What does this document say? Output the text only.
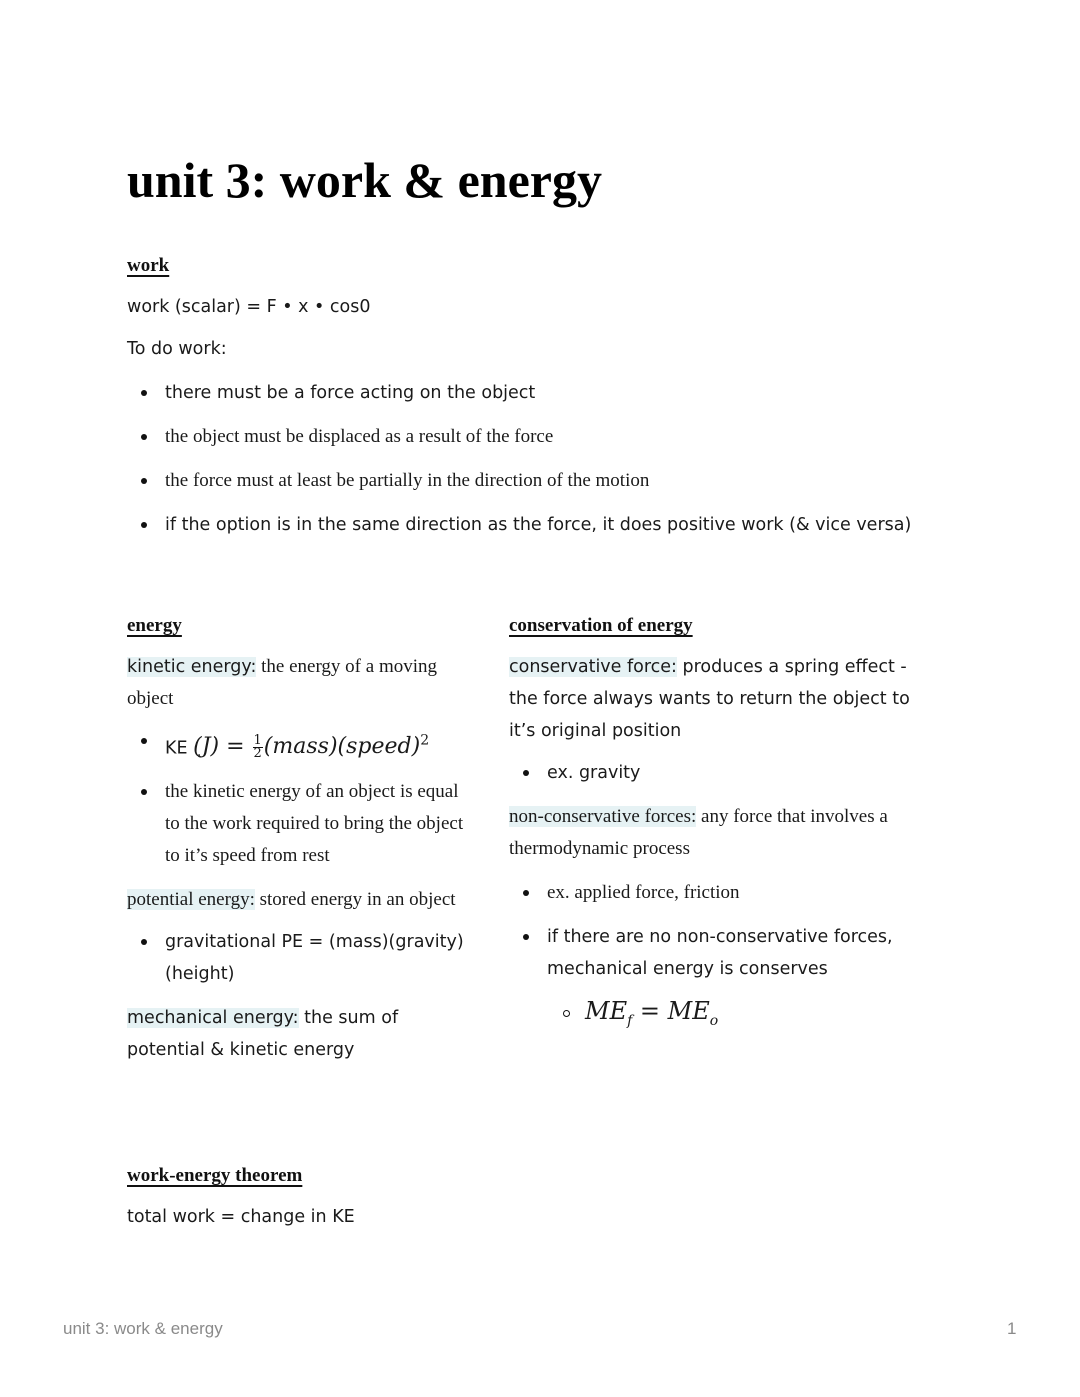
unit 3: work & energy
work

work (scalar) = F • x • cos0

To do work:

there must be a force acting on the object
the object must be displaced as a result of the force
the force must at least be partially in the direction of the motion
if the option is in the same direction as the force, it does positive work (& vice versa)
energy

kinetic energy: the energy of a moving object

KE $(J) = \frac{1}{2}$ (mass)(speed)$^2$
the kinetic energy of an object is equal to the work required to bring the object to it’s speed from rest

potential energy: stored energy in an object

gravitational PE = (mass)(gravity) (height)

mechanical energy: the sum of potential & kinetic energy

conservation of energy

conservative force: produces a spring effect - the force always wants to return the object to it’s original position

ex. gravity

non-conservative forces: any force that involves a thermodynamic process

ex. applied force, friction
if there are no non-conservative forces, mechanical energy is conserves
$ME_f = ME_o$
work-energy theorem

total work = change in KE

unit 3: work & energy	1
